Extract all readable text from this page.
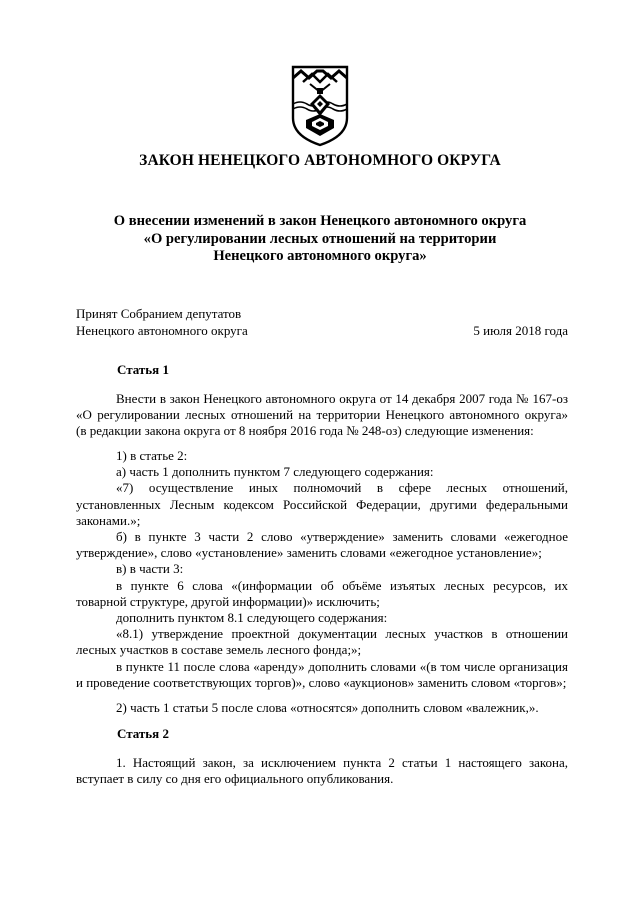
ЗАКОН НЕНЕЦКОГО АВТОНОМНОГО ОКРУГА
О внесении изменений в закон Ненецкого автономного округа
«О регулировании лесных отношений на территории
Ненецкого автономного округа»
Принят Собранием депутатов
Ненецкого автономного округа	5 июля 2018 года
Статья 1

Внести в закон Ненецкого автономного округа от 14 декабря 2007 года № 167-оз

«О регулировании лесных отношений на территории Ненецкого автономного округа»

(в редакции закона округа от 8 ноября 2016 года № 248-оз) следующие изменения:

1) в статье 2:

а) часть 1 дополнить пунктом 7 следующего содержания:

«7) осуществление иных полномочий в сфере лесных отношений, установленных Лесным кодексом Российской Федерации, другими федеральными законами.»;

б) в пункте 3 части 2 слово «утверждение» заменить словами «ежегодное утверждение», слово «установление» заменить словами «ежегодное установление»;

в) в части 3:

в пункте 6 слова «(информации об объёме изъятых лесных ресурсов, их товарной структуре, другой информации)» исключить;

дополнить пунктом 8.1 следующего содержания:

«8.1) утверждение проектной документации лесных участков в отношении лесных участков в составе земель лесного фонда;»;

в пункте 11 после слова «аренду» дополнить словами «(в том числе организация и проведение соответствующих торгов)», слово «аукционов» заменить словом «торгов»;

2) часть 1 статьи 5 после слова «относятся» дополнить словом «валежник,».

Статья 2

1. Настоящий закон, за исключением пункта 2 статьи 1 настоящего закона, вступает в силу со дня его официального опубликования.
